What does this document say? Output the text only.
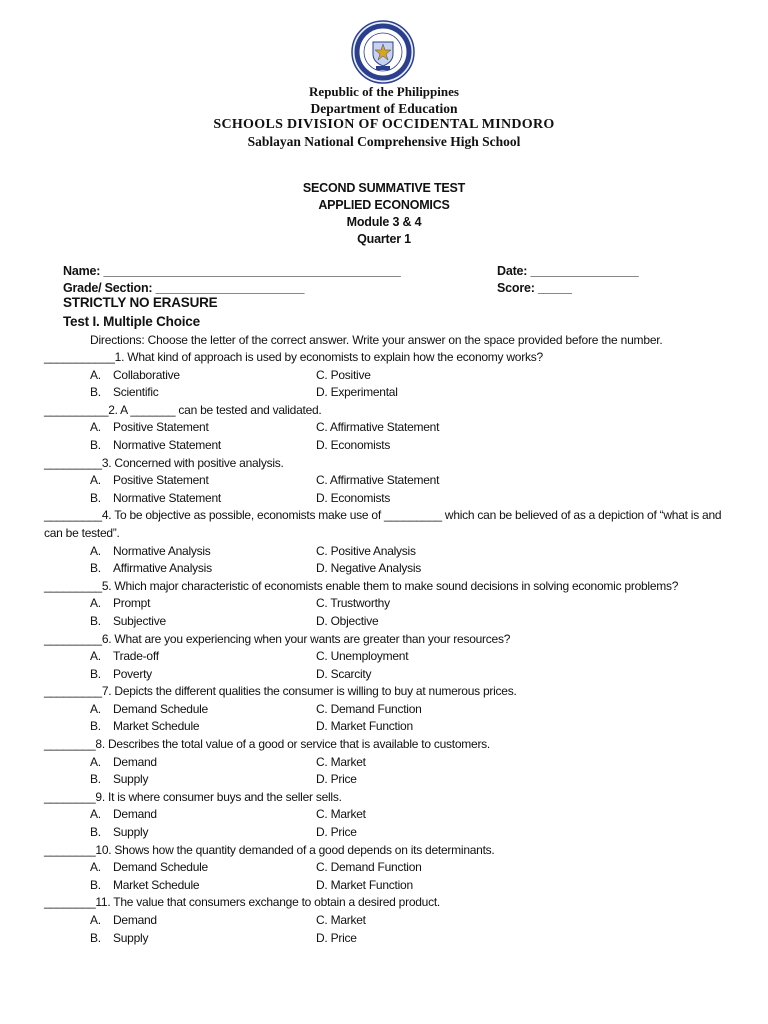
Republic of the Philippines
Department of Education
SCHOOLS DIVISION OF OCCIDENTAL MINDORO
Sablayan National Comprehensive High School
SECOND SUMMATIVE TEST
APPLIED ECONOMICS
Module 3 & 4
Quarter 1
Name: ____________________________________________	Date: ________________
Grade/ Section: ______________________	Score: _____
STRICTLY NO ERASURE
Test I. Multiple Choice
Directions: Choose the letter of the correct answer. Write your answer on the space provided before the number.
___________1. What kind of approach is used by economists to explain how the economy works?
A. Collaborative	C. Positive
B. Scientific	D. Experimental
__________2. A _______ can be tested and validated.
A. Positive Statement	C. Affirmative Statement
B. Normative Statement	D. Economists
_________3. Concerned with positive analysis.
A. Positive Statement	C. Affirmative Statement
B. Normative Statement	D. Economists
_________4. To be objective as possible, economists make use of _________ which can be believed of as a depiction of “what is and can be tested”.
A. Normative Analysis	C. Positive Analysis
B. Affirmative Analysis	D. Negative Analysis
_________5. Which major characteristic of economists enable them to make sound decisions in solving economic problems?
A. Prompt	C. Trustworthy
B. Subjective	D. Objective
_________6. What are you experiencing when your wants are greater than your resources?
A. Trade-off	C. Unemployment
B. Poverty	D. Scarcity
_________7. Depicts the different qualities the consumer is willing to buy at numerous prices.
A. Demand Schedule	C. Demand Function
B. Market Schedule	D. Market Function
________8. Describes the total value of a good or service that is available to customers.
A. Demand	C. Market
B. Supply	D. Price
________9. It is where consumer buys and the seller sells.
A. Demand	C. Market
B. Supply	D. Price
________10. Shows how the quantity demanded of a good depends on its determinants.
A. Demand Schedule	C. Demand Function
B. Market Schedule	D. Market Function
________11. The value that consumers exchange to obtain a desired product.
A. Demand	C. Market
B. Supply	D. Price
